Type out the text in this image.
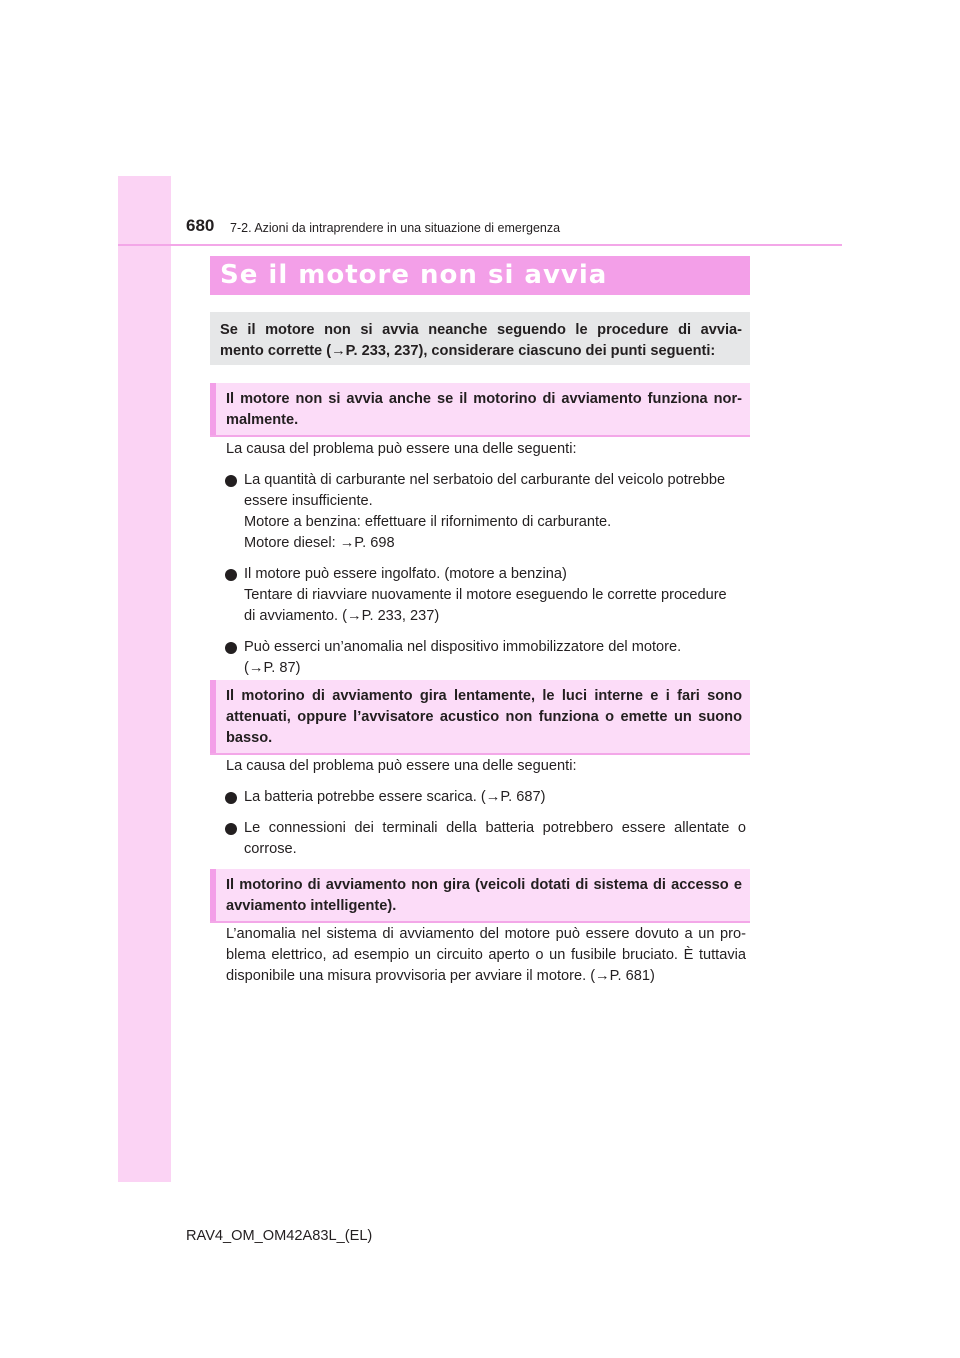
680 7-2. Azioni da intraprendere in una situazione di emergenza
Se il motore non si avvia

Se il motore non si avvia neanche seguendo le procedure di avvia-

mento corrette (→P. 233, 237), considerare ciascuno dei punti seguenti:

Il motore non si avvia anche se il motorino di avviamento funziona nor-malmente.

La causa del problema può essere una delle seguenti:

La quantità di carburante nel serbatoio del carburante del veicolo potrebbe

essere insufficiente.

Motore a benzina: effettuare il rifornimento di carburante.

Motore diesel: →P. 698

Il motore può essere ingolfato. (motore a benzina)

Tentare di riavviare nuovamente il motore eseguendo le corrette procedure

di avviamento. (→P. 233, 237)

Può esserci un’anomalia nel dispositivo immobilizzatore del motore.

(→P. 87)

Il motorino di avviamento gira lentamente, le luci interne e i fari sono attenuati, oppure l’avvisatore acustico non funziona o emette un suono basso.

La causa del problema può essere una delle seguenti:

La batteria potrebbe essere scarica. (→P. 687)

Le connessioni dei terminali della batteria potrebbero essere allentate o corrose.

Il motorino di avviamento non gira (veicoli dotati di sistema di accesso e avviamento intelligente).

L’anomalia nel sistema di avviamento del motore può essere dovuto a un pro-blema elettrico, ad esempio un circuito aperto o un fusibile bruciato. È tuttavia disponibile una misura provvisoria per avviare il motore. (→P. 681)

RAV4_OM_OM42A83L_(EL)
